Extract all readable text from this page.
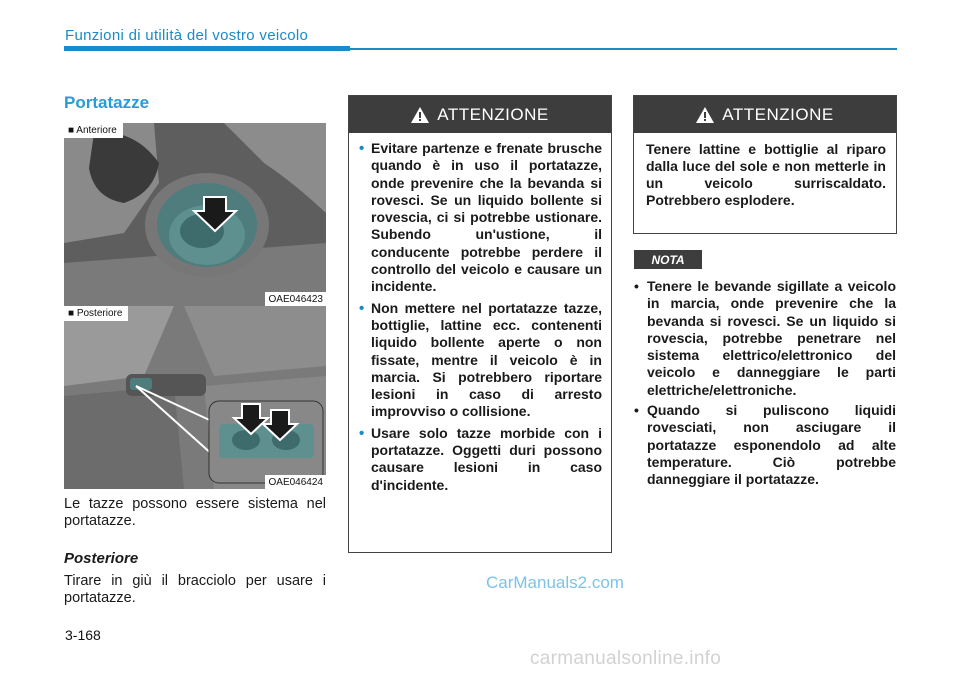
Funzioni di utilità del vostro veicolo
Portatazze
■ Anteriore
OAE046423
■ Posteriore
OAE046424
Le tazze possono essere sistema nel portatazze.
Posteriore
Tirare in giù il bracciolo per usare i portatazze.
ATTENZIONE
• Evitare partenze e frenate brusche quando è in uso il portatazze, onde prevenire che la bevanda si rovesci. Se un liquido bollente si rovescia, ci si potrebbe ustionare. Subendo un'ustione, il conducente potrebbe perdere il controllo del veicolo e causare un incidente.
• Non mettere nel portatazze tazze, bottiglie, lattine ecc. contenenti liquido bollente aperte o non fissate, mentre il veicolo è in marcia. Si potrebbero riportare lesioni in caso di arresto improvviso o collisione.
• Usare solo tazze morbide con i portatazze. Oggetti duri possono causare lesioni in caso d'incidente.
ATTENZIONE
Tenere lattine e bottiglie al riparo dalla luce del sole e non metterle in un veicolo surriscaldato. Potrebbero esplodere.
NOTA
• Tenere le bevande sigillate a veicolo in marcia, onde prevenire che la bevanda si rovesci. Se un liquido si rovescia, potrebbe penetrare nel sistema elettrico/elettronico del veicolo e danneggiare le parti elettriche/elettroniche.
• Quando si puliscono liquidi rovesciati, non asciugare il portatazze esponendolo ad alte temperature. Ciò potrebbe danneggiare il portatazze.
CarManuals2.com
3-168
carmanualsonline.info
